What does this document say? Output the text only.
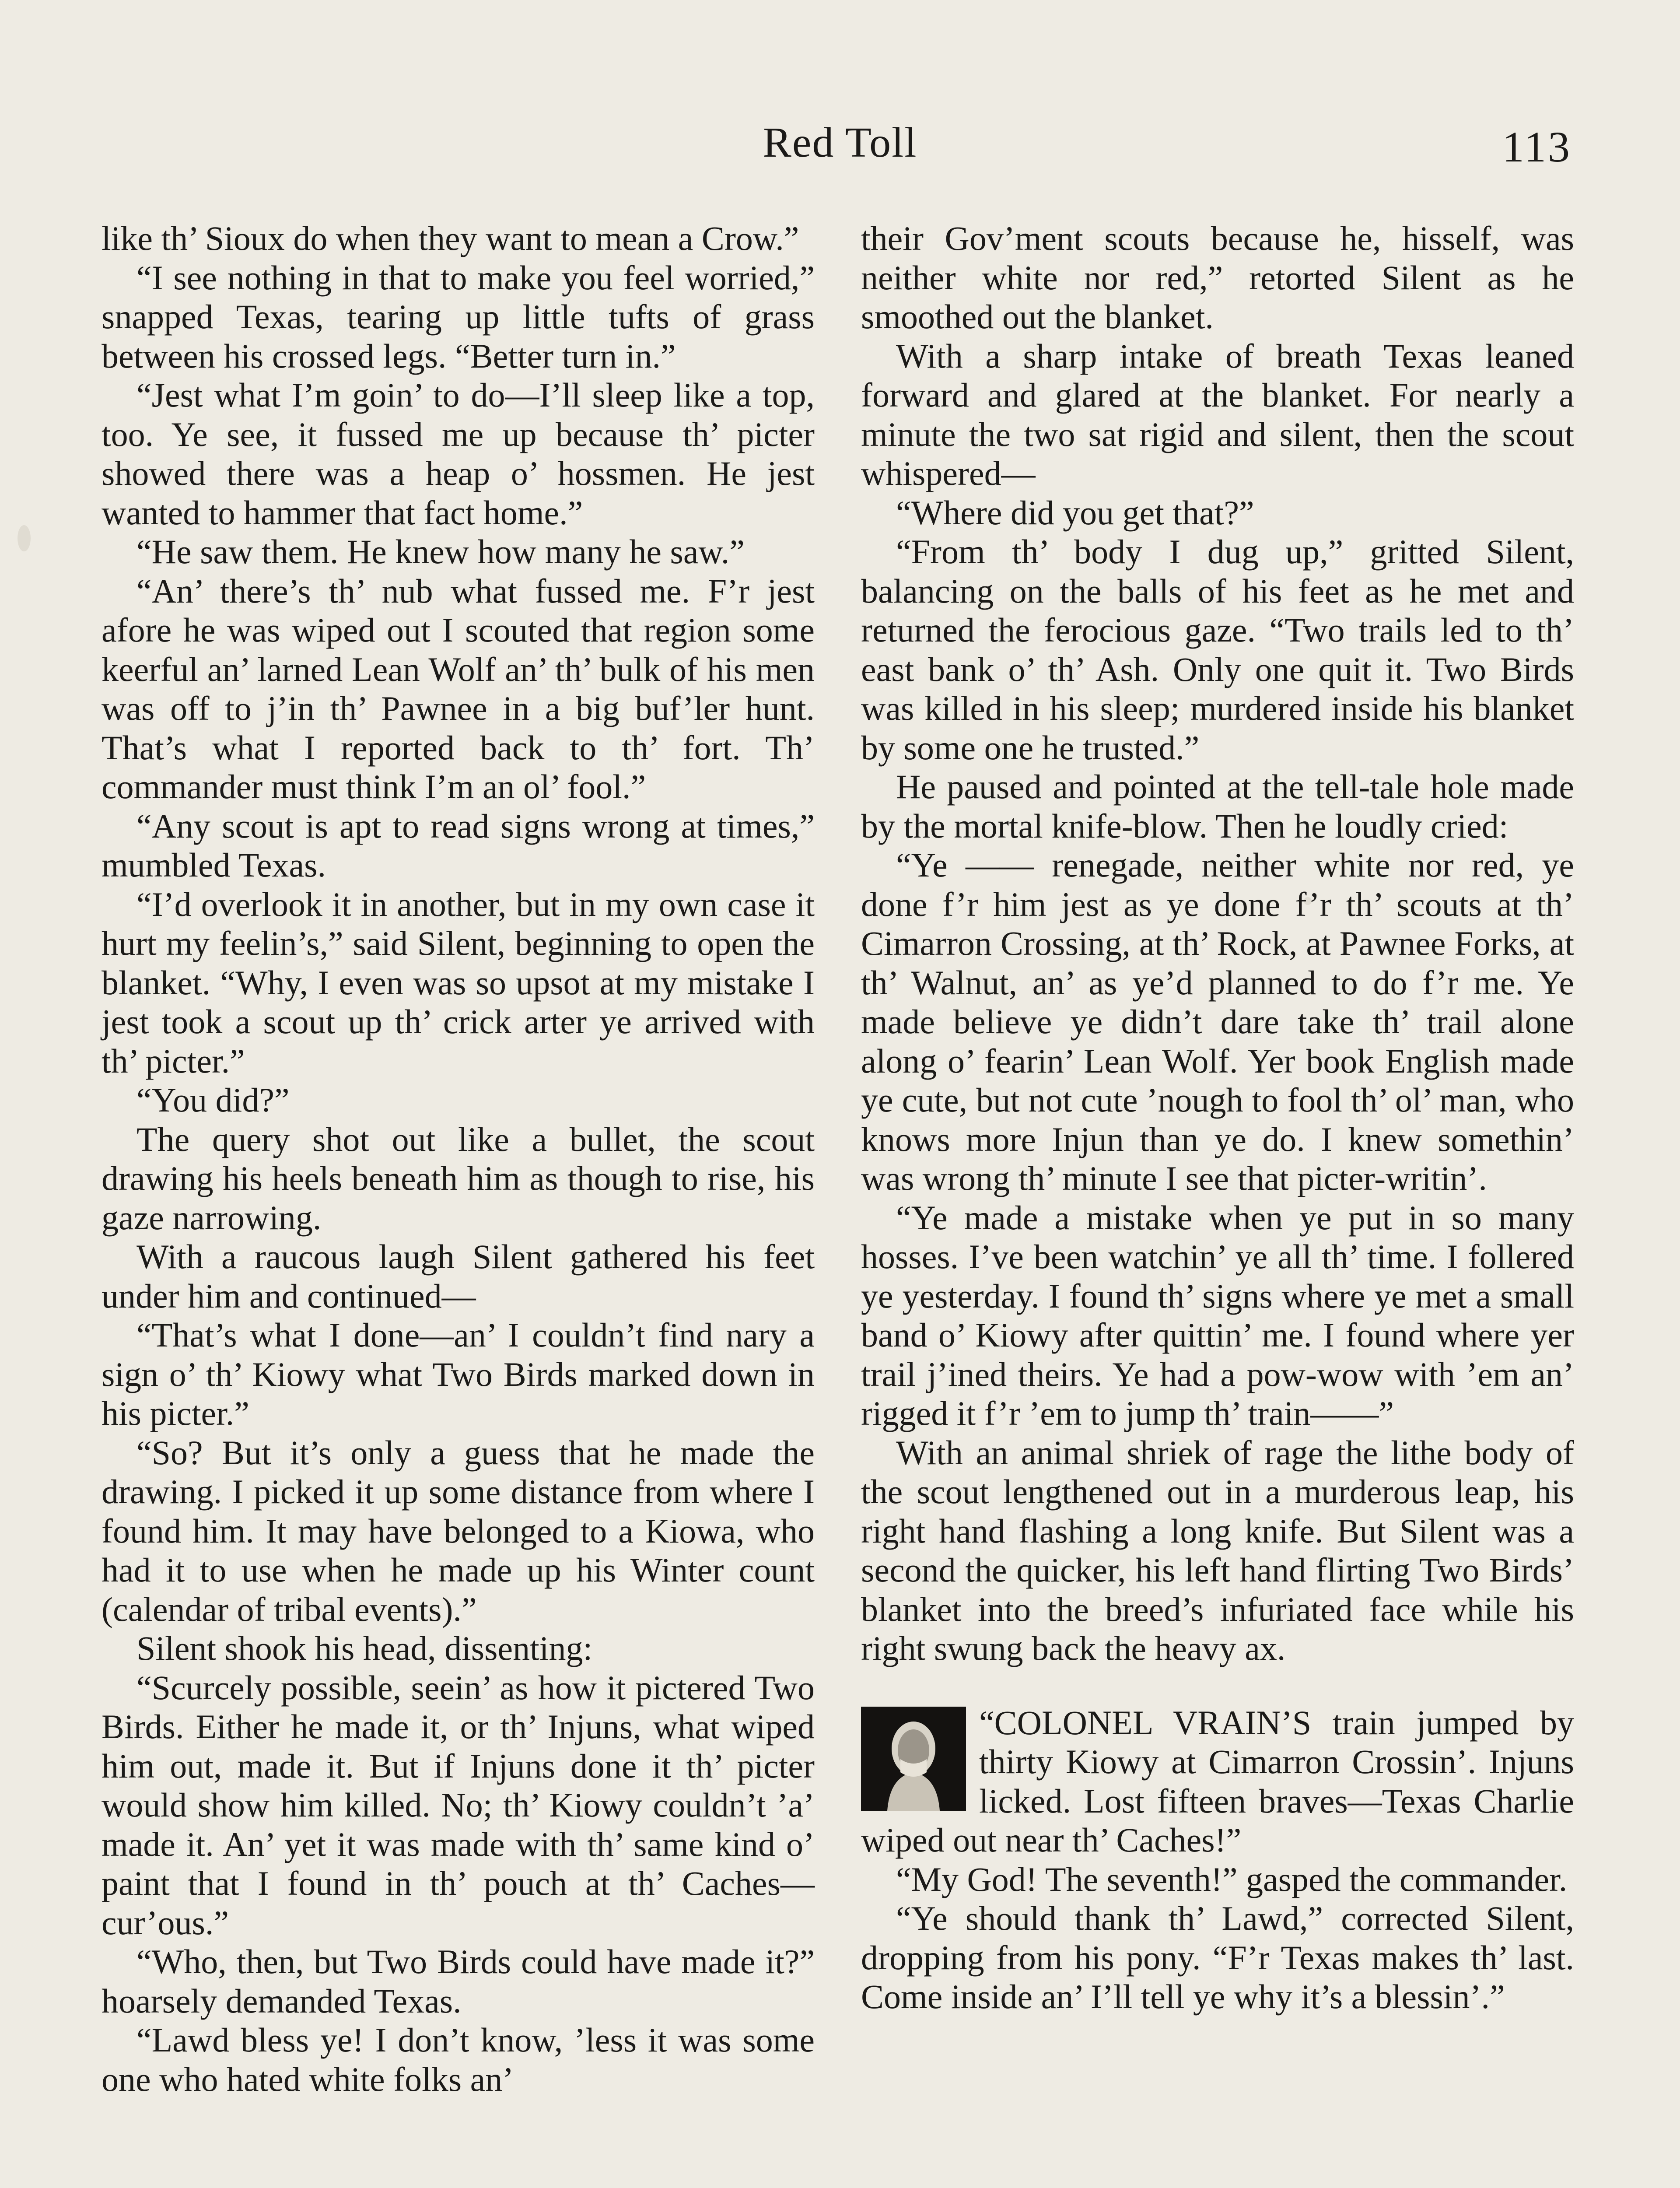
Red Toll	113

like th’ Sioux do when they want to mean a Crow.”

“I see nothing in that to make you feel worried,” snapped Texas, tearing up little tufts of grass between his crossed legs. “Better turn in.”

“Jest what I’m goin’ to do—I’ll sleep like a top, too. Ye see, it fussed me up because th’ picter showed there was a heap o’ hossmen. He jest wanted to hammer that fact home.”

“He saw them. He knew how many he saw.”

“An’ there’s th’ nub what fussed me. F’r jest afore he was wiped out I scouted that region some keerful an’ larned Lean Wolf an’ th’ bulk of his men was off to j’in th’ Pawnee in a big buf’ler hunt. That’s what I reported back to th’ fort. Th’ commander must think I’m an ol’ fool.”

“Any scout is apt to read signs wrong at times,” mumbled Texas.

“I’d overlook it in another, but in my own case it hurt my feelin’s,” said Silent, beginning to open the blanket. “Why, I even was so upsot at my mistake I jest took a scout up th’ crick arter ye arrived with th’ picter.”

“You did?”

The query shot out like a bullet, the scout drawing his heels beneath him as though to rise, his gaze narrowing.

With a raucous laugh Silent gathered his feet under him and continued—

“That’s what I done—an’ I couldn’t find nary a sign o’ th’ Kiowy what Two Birds marked down in his picter.”

“So? But it’s only a guess that he made the drawing. I picked it up some distance from where I found him. It may have belonged to a Kiowa, who had it to use when he made up his Winter count (calendar of tribal events).”

Silent shook his head, dissenting:

“Scurcely possible, seein’ as how it pictered Two Birds. Either he made it, or th’ Injuns, what wiped him out, made it. But if Injuns done it th’ picter would show him killed. No; th’ Kiowy couldn’t ’a’ made it. An’ yet it was made with th’ same kind o’ paint that I found in th’ pouch at th’ Caches—cur’ous.”

“Who, then, but Two Birds could have made it?” hoarsely demanded Texas.

“Lawd bless ye! I don’t know, ’less it was some one who hated white folks an’

their Gov’ment scouts because he, hisself, was neither white nor red,” retorted Silent as he smoothed out the blanket.

With a sharp intake of breath Texas leaned forward and glared at the blanket. For nearly a minute the two sat rigid and silent, then the scout whispered—

“Where did you get that?”

“From th’ body I dug up,” gritted Silent, balancing on the balls of his feet as he met and returned the ferocious gaze. “Two trails led to th’ east bank o’ th’ Ash. Only one quit it. Two Birds was killed in his sleep; murdered inside his blanket by some one he trusted.”

He paused and pointed at the tell-tale hole made by the mortal knife-blow. Then he loudly cried:

“Ye —— renegade, neither white nor red, ye done f’r him jest as ye done f’r th’ scouts at th’ Cimarron Crossing, at th’ Rock, at Pawnee Forks, at th’ Walnut, an’ as ye’d planned to do f’r me. Ye made believe ye didn’t dare take th’ trail alone along o’ fearin’ Lean Wolf. Yer book English made ye cute, but not cute ’nough to fool th’ ol’ man, who knows more Injun than ye do. I knew somethin’ was wrong th’ minute I see that picter-writin’.

“Ye made a mistake when ye put in so many hosses. I’ve been watchin’ ye all th’ time. I follered ye yesterday. I found th’ signs where ye met a small band o’ Kiowy after quittin’ me. I found where yer trail j’ined theirs. Ye had a pow-wow with ’em an’ rigged it f’r ’em to jump th’ train——”

With an animal shriek of rage the lithe body of the scout lengthened out in a murderous leap, his right hand flashing a long knife. But Silent was a second the quicker, his left hand flirting Two Birds’ blanket into the breed’s infuriated face while his right swung back the heavy ax.

“COLONEL VRAIN’S train jumped by thirty Kiowy at Cimarron Crossin’. Injuns licked. Lost fifteen braves—Texas Charlie wiped out near th’ Caches!”

“My God! The seventh!” gasped the commander.

“Ye should thank th’ Lawd,” corrected Silent, dropping from his pony. “F’r Texas makes th’ last. Come inside an’ I’ll tell ye why it’s a blessin’.”
